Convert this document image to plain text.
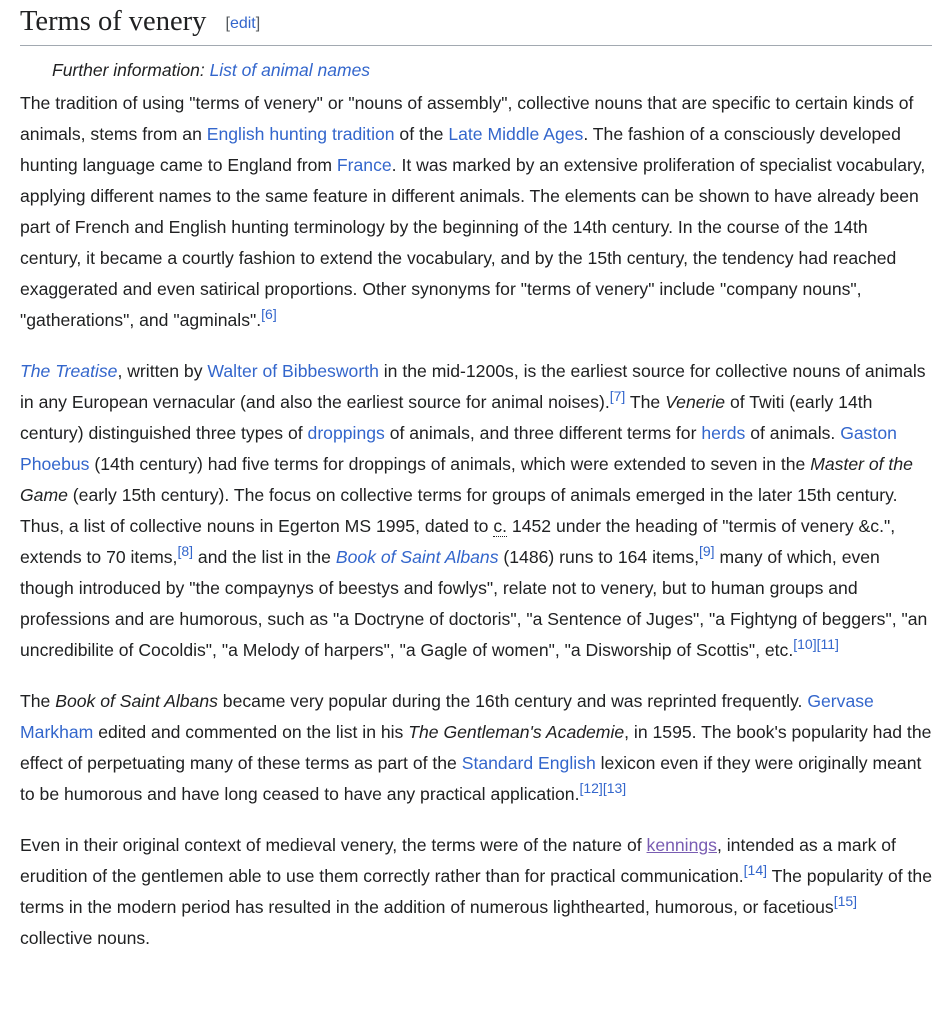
Terms of venery [edit]
Further information: List of animal names

The tradition of using "terms of venery" or "nouns of assembly", collective nouns that are specific to certain kinds of animals, stems from an English hunting tradition of the Late Middle Ages. The fashion of a consciously developed hunting language came to England from France. It was marked by an extensive proliferation of specialist vocabulary, applying different names to the same feature in different animals. The elements can be shown to have already been part of French and English hunting terminology by the beginning of the 14th century. In the course of the 14th century, it became a courtly fashion to extend the vocabulary, and by the 15th century, the tendency had reached exaggerated and even satirical proportions. Other synonyms for "terms of venery" include "company nouns", "gatherations", and "agminals".[6]

The Treatise, written by Walter of Bibbesworth in the mid-1200s, is the earliest source for collective nouns of animals in any European vernacular (and also the earliest source for animal noises).[7] The Venerie of Twiti (early 14th century) distinguished three types of droppings of animals, and three different terms for herds of animals. Gaston Phoebus (14th century) had five terms for droppings of animals, which were extended to seven in the Master of the Game (early 15th century). The focus on collective terms for groups of animals emerged in the later 15th century. Thus, a list of collective nouns in Egerton MS 1995, dated to c. 1452 under the heading of "termis of venery &c.", extends to 70 items,[8] and the list in the Book of Saint Albans (1486) runs to 164 items,[9] many of which, even though introduced by "the compaynys of beestys and fowlys", relate not to venery, but to human groups and professions and are humorous, such as "a Doctryne of doctoris", "a Sentence of Juges", "a Fightyng of beggers", "an uncredibilite of Cocoldis", "a Melody of harpers", "a Gagle of women", "a Disworship of Scottis", etc.[10][11]

The Book of Saint Albans became very popular during the 16th century and was reprinted frequently. Gervase Markham edited and commented on the list in his The Gentleman's Academie, in 1595. The book's popularity had the effect of perpetuating many of these terms as part of the Standard English lexicon even if they were originally meant to be humorous and have long ceased to have any practical application.[12][13]

Even in their original context of medieval venery, the terms were of the nature of kennings, intended as a mark of erudition of the gentlemen able to use them correctly rather than for practical communication.[14] The popularity of the terms in the modern period has resulted in the addition of numerous lighthearted, humorous, or facetious[15] collective nouns.
